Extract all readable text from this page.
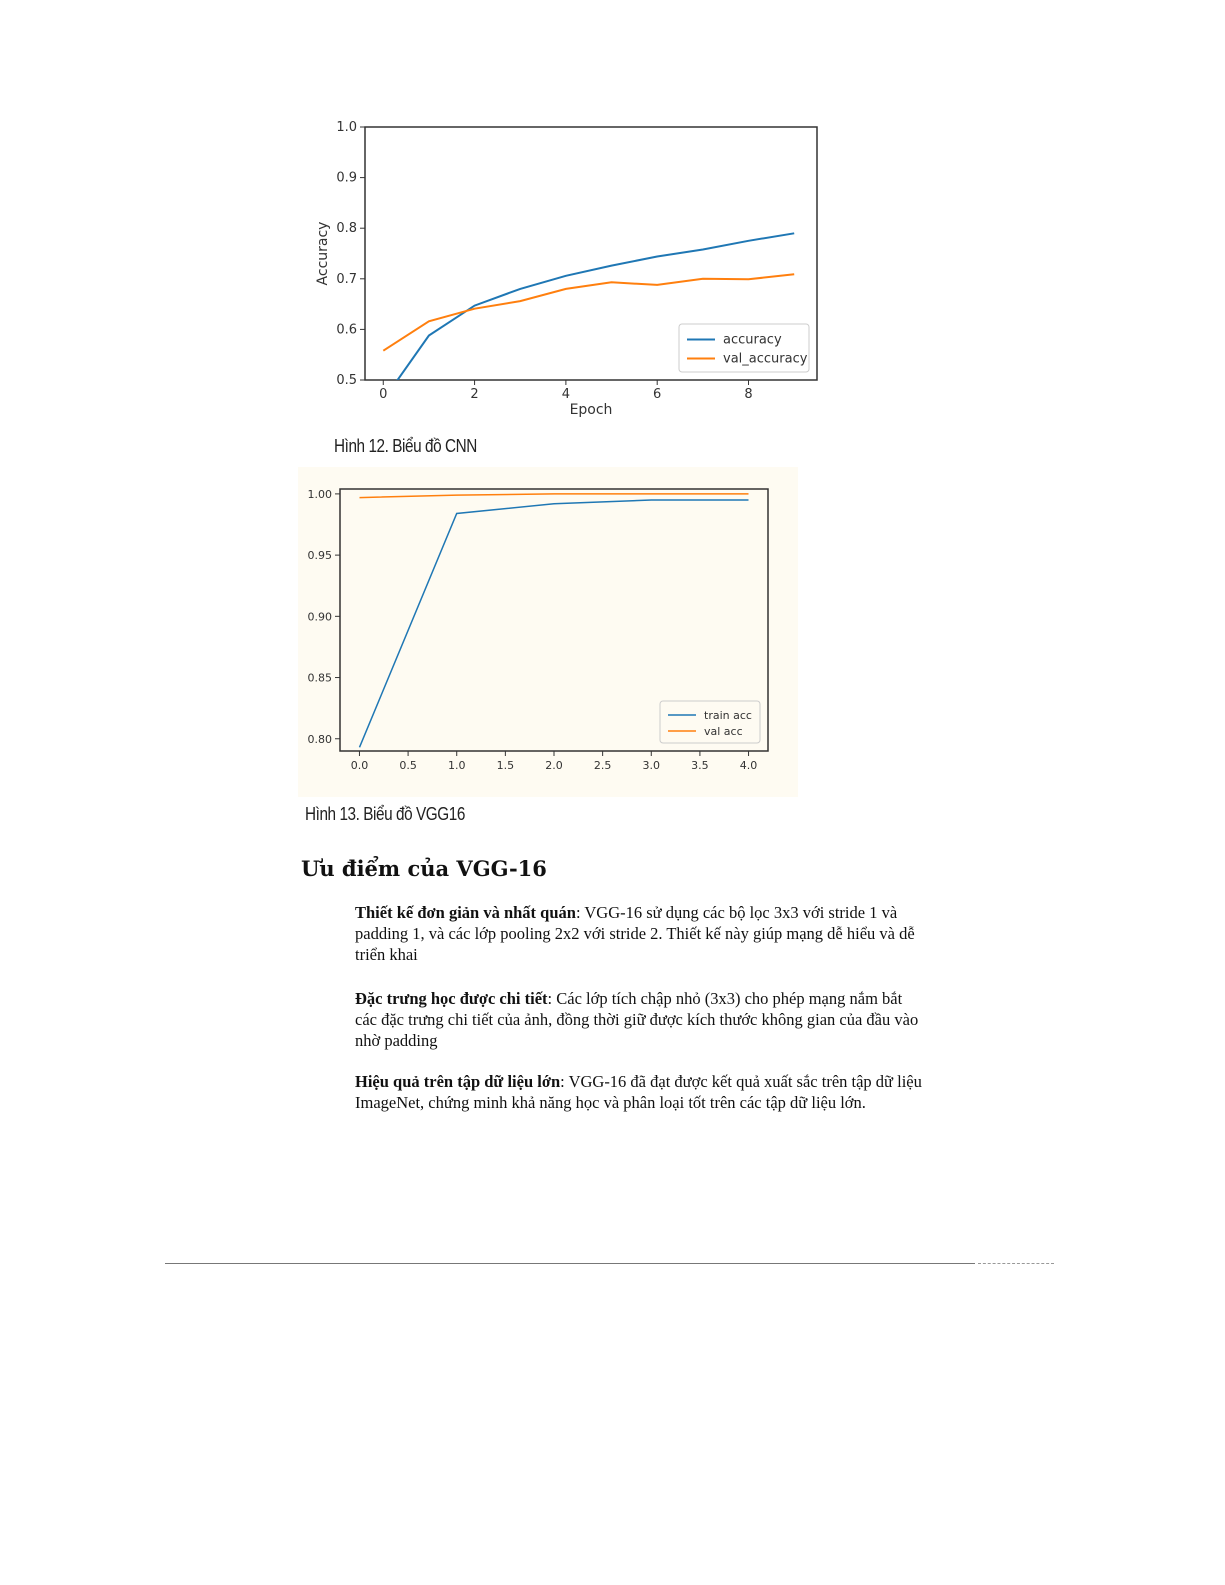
0.5
0.6
0.7
0.8
0.9
1.0
0	2	4	6	8
Epoch
Accuracy
accuracy
val_accuracy
Hình 12. Biểu đồ CNN
0.80
0.85
0.90
0.95
1.00
0.0	0.5	1.0	1.5	2.0	2.5	3.0	3.5	4.0
train acc
val acc
Hình 13. Biểu đồ VGG16
Ưu điểm của VGG-16
Thiết kế đơn giản và nhất quán: VGG-16 sử dụng các bộ lọc 3x3 với stride 1 và padding 1, và các lớp pooling 2x2 với stride 2. Thiết kế này giúp mạng dễ hiểu và dễ triển khai
Đặc trưng học được chi tiết: Các lớp tích chập nhỏ (3x3) cho phép mạng nắm bắt các đặc trưng chi tiết của ảnh, đồng thời giữ được kích thước không gian của đầu vào nhờ padding
Hiệu quả trên tập dữ liệu lớn: VGG-16 đã đạt được kết quả xuất sắc trên tập dữ liệu ImageNet, chứng minh khả năng học và phân loại tốt trên các tập dữ liệu lớn.
